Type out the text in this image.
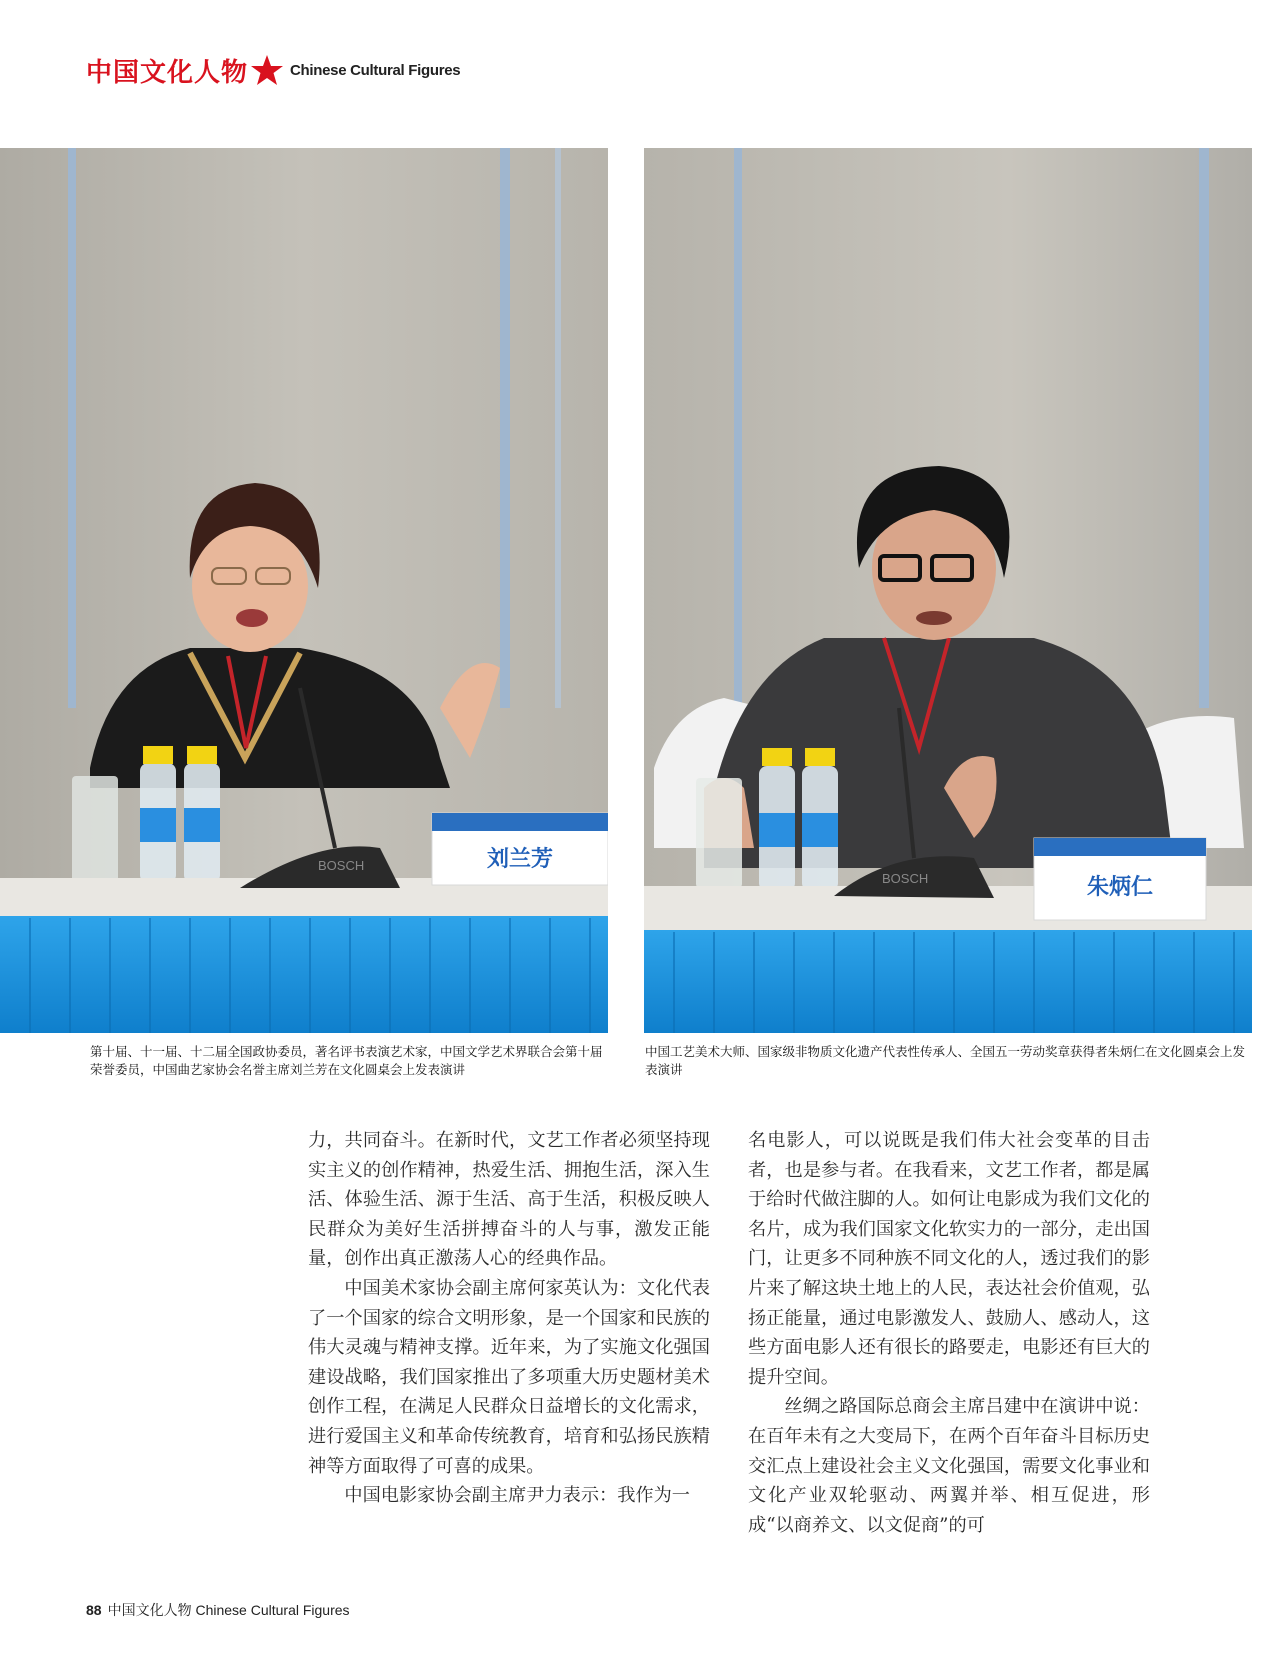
中国文化人物	Chinese Cultural Figures
BOSCH	刘兰芳
BOSCH	朱炳仁
第十届、十一届、十二届全国政协委员，著名评书表演艺术家，中国文学艺术界联合会第十届荣誉委员，中国曲艺家协会名誉主席刘兰芳在文化圆桌会上发表演讲
中国工艺美术大师、国家级非物质文化遗产代表性传承人、全国五一劳动奖章获得者朱炳仁在文化圆桌会上发表演讲

力，共同奋斗。在新时代，文艺工作者必须坚持现实主义的创作精神，热爱生活、拥抱生活，深入生活、体验生活、源于生活、高于生活，积极反映人民群众为美好生活拼搏奋斗的人与事，激发正能量，创作出真正激荡人心的经典作品。

中国美术家协会副主席何家英认为：文化代表了一个国家的综合文明形象，是一个国家和民族的伟大灵魂与精神支撑。近年来，为了实施文化强国建设战略，我们国家推出了多项重大历史题材美术创作工程，在满足人民群众日益增长的文化需求，进行爱国主义和革命传统教育，培育和弘扬民族精神等方面取得了可喜的成果。

中国电影家协会副主席尹力表示：我作为一

名电影人，可以说既是我们伟大社会变革的目击者，也是参与者。在我看来，文艺工作者，都是属于给时代做注脚的人。如何让电影成为我们文化的名片，成为我们国家文化软实力的一部分，走出国门，让更多不同种族不同文化的人，透过我们的影片来了解这块土地上的人民，表达社会价值观，弘扬正能量，通过电影激发人、鼓励人、感动人，这些方面电影人还有很长的路要走，电影还有巨大的提升空间。

丝绸之路国际总商会主席吕建中在演讲中说：在百年未有之大变局下，在两个百年奋斗目标历史交汇点上建设社会主义文化强国，需要文化事业和文化产业双轮驱动、两翼并举、相互促进，形成“以商养文、以文促商”的可

88 中国文化人物 Chinese Cultural Figures
